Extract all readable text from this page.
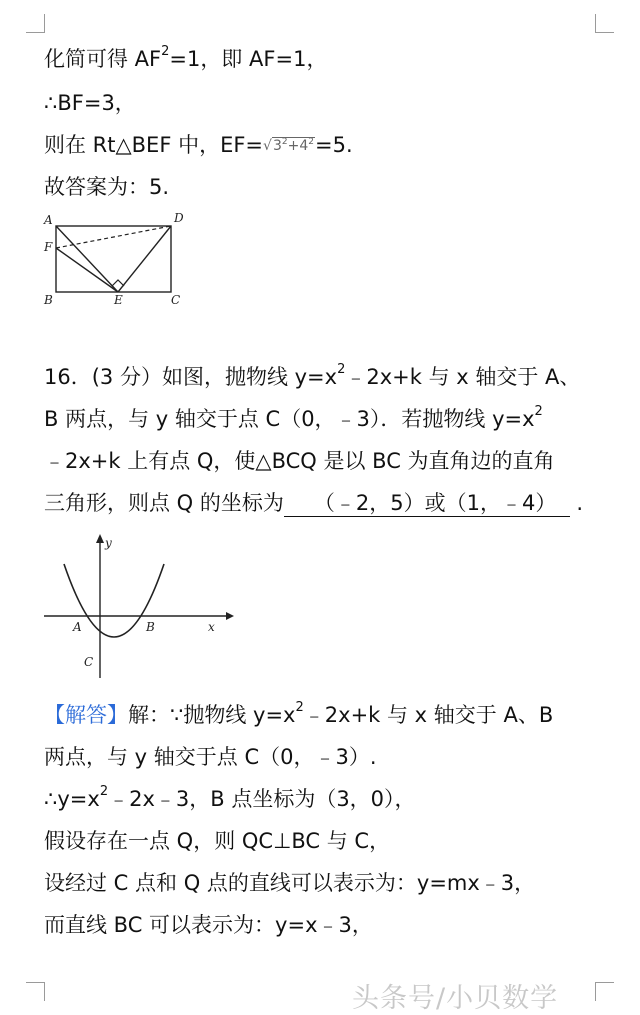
化简可得 $AF^2=1$，即 AF=1，
∴BF=3，
则在 Rt△BEF 中，$EF=√3^2+4^2=5$.
故答案为：5.
A	D
F
B	E	C
16．(3 分）如图，抛物线 $y=x^2﹣2x+k$ 与 x 轴交于 A、
B 两点，与 y 轴交于点 C（0，﹣3）．若抛物线 $y=x^2$
﹣2x+k 上有点 Q，使△BCQ 是以 BC 为直角边的直角
三角形，则点 Q 的坐标为 （﹣2，5）或（1，﹣4） .
y
A	B	x
C
【解答】解：∵抛物线 $y=x^2﹣2x+k$ 与 x 轴交于 A、B
两点，与 y 轴交于点 C（0，﹣3）.
$\therefore y=x^2﹣2x﹣3$，B 点坐标为（3，0），
假设存在一点 Q，则 QC⊥BC 与 C，
设经过 C 点和 Q 点的直线可以表示为：y=mx﹣3，
而直线 BC 可以表示为：y=x﹣3，
头条号/小贝数学
